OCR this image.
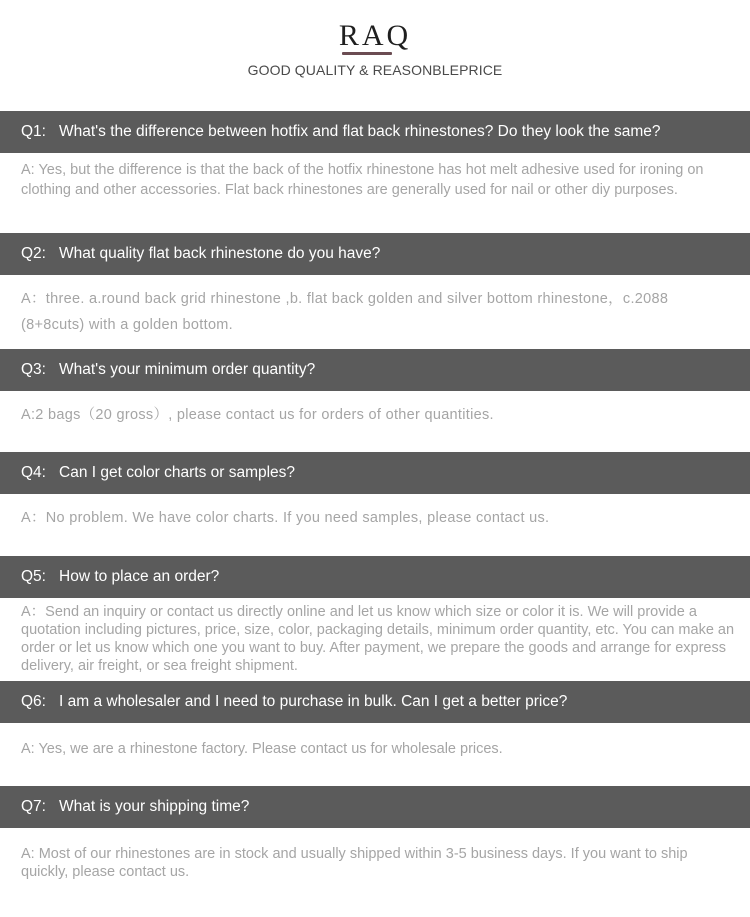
RAQ
GOOD QUALITY & REASONBLEPRICE
Q1: What's the difference between hotfix and flat back rhinestones? Do they look the same?
A: Yes, but the difference is that the back of the hotfix rhinestone has hot melt adhesive used for ironing on clothing and other accessories. Flat back rhinestones are generally used for nail or other diy purposes.
Q2: What quality flat back rhinestone do you have?
A：three. a.round back grid rhinestone ,b. flat back golden and silver bottom rhinestone，c.2088 (8+8cuts) with a golden bottom.
Q3: What's your minimum order quantity?
A:2 bags（20 gross）, please contact us for orders of other quantities.
Q4: Can I get color charts or samples?
A：No problem. We have color charts. If you need samples, please contact us.
Q5: How to place an order?
A：Send an inquiry or contact us directly online and let us know which size or color it is. We will provide a quotation including pictures, price, size, color, packaging details, minimum order quantity, etc. You can make an order or let us know which one you want to buy. After payment, we prepare the goods and arrange for express delivery, air freight, or sea freight shipment.
Q6: I am a wholesaler and I need to purchase in bulk. Can I get a better price?
A: Yes, we are a rhinestone factory. Please contact us for wholesale prices.
Q7: What is your shipping time?
A: Most of our rhinestones are in stock and usually shipped within 3-5 business days. If you want to ship quickly, please contact us.
